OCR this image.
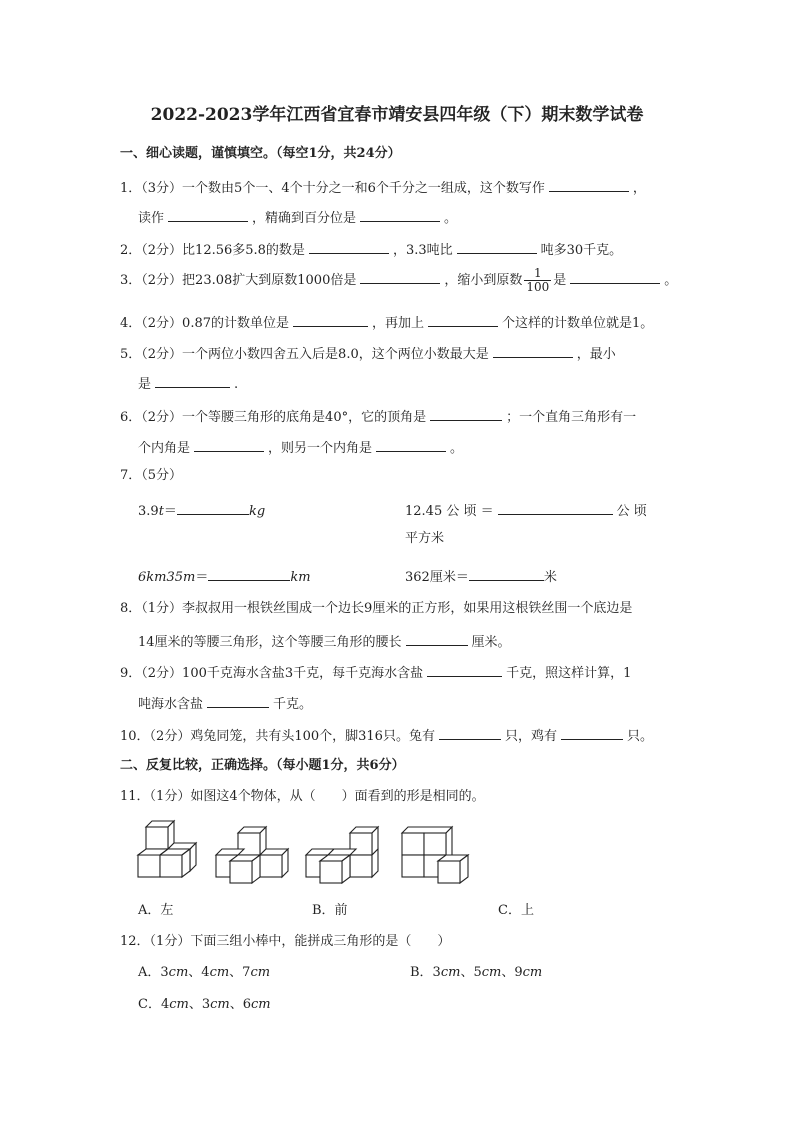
2022-2023学年江西省宜春市靖安县四年级（下）期末数学试卷
一、细心读题，谨慎填空。（每空1分，共24分）
1．（3分）一个数由5个一、4个十分之一和6个千分之一组成，这个数写作	，
读作	，精确到百分位是	。
2．（2分）比12.56多5.8的数是	，3.3吨比	吨多30千克。
3．（2分）把23.08扩大到原数1000倍是	，缩小到原数 $\frac{1}{100}$ 是	。
4．（2分）0.87的计数单位是	，再加上	个这样的计数单位就是1。
5．（2分）一个两位小数四舍五入后是8.0，这个两位小数最大是	，最小
是	.
6．（2分）一个等腰三角形的底角是40°，它的顶角是	；一个直角三角形有一
个内角是	，则另一个内角是	。
7．（5分）
3.9t＝	kg	12.45 公 顷 ＝	公 顷
平方米
6km35m＝	km	362厘米＝	米
8．（1分）李叔叔用一根铁丝围成一个边长9厘米的正方形，如果用这根铁丝围一个底边是
14厘米的等腰三角形，这个等腰三角形的腰长	厘米。
9．（2分）100千克海水含盐3千克，每千克海水含盐	千克，照这样计算，1
吨海水含盐	千克。
10．（2分）鸡兔同笼，共有头100个，脚316只。兔有	只，鸡有	只。
二、反复比较，正确选择。（每小题1分，共6分）
11．（1分）如图这4个物体，从（　　）面看到的形是相同的。
A．左	B．前	C．上
12．（1分）下面三组小棒中，能拼成三角形的是（　　）
A．3cm、4cm、7cm	B．3cm、5cm、9cm
C．4cm、3cm、6cm
